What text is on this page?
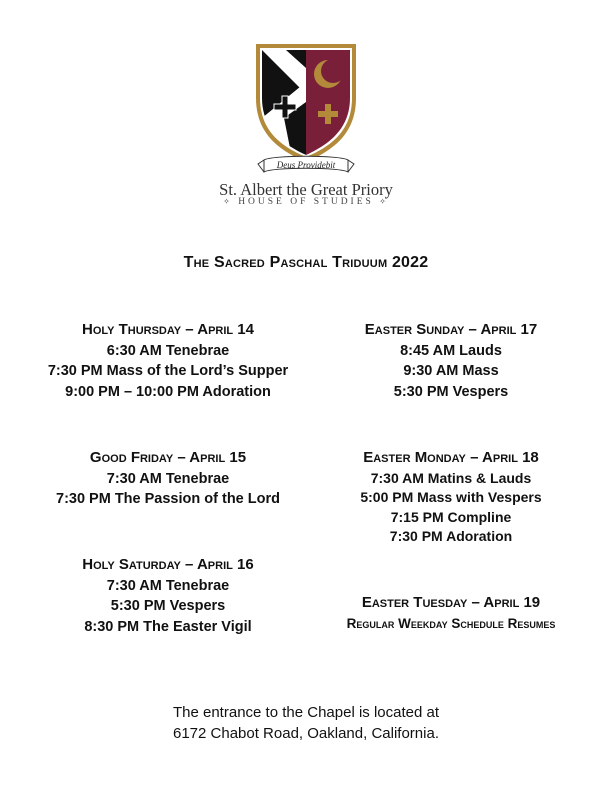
Deus Providebit
St. Albert the Great Priory
✧ HOUSE OF STUDIES ✧
The Sacred Paschal Triduum 2022
Holy Thursday – April 14
6:30 AM Tenebrae
7:30 PM Mass of the Lord’s Supper
9:00 PM – 10:00 PM Adoration
Good Friday – April 15
7:30 AM Tenebrae
7:30 PM The Passion of the Lord
Holy Saturday – April 16
7:30 AM Tenebrae
5:30 PM Vespers
8:30 PM The Easter Vigil
Easter Sunday – April 17
8:45 AM Lauds
9:30 AM Mass
5:30 PM Vespers
Easter Monday – April 18
7:30 AM Matins & Lauds
5:00 PM Mass with Vespers
7:15 PM Compline
7:30 PM Adoration
Easter Tuesday – April 19
Regular Weekday Schedule Resumes
The entrance to the Chapel is located at
6172 Chabot Road, Oakland, California.
